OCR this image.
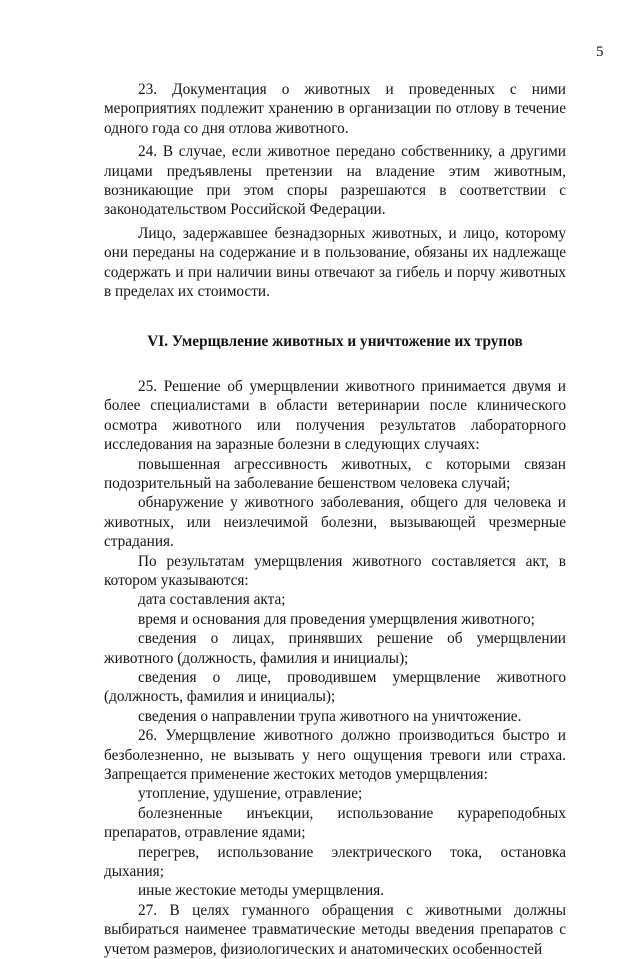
5

23. Документация о животных и проведенных с ними мероприятиях подлежит хранению в организации по отлову в течение одного года со дня отлова животного.

24. В случае, если животное передано собственнику, а другими лицами предъявлены претензии на владение этим животным, возникающие при этом споры разрешаются в соответствии с законодательством Российской Федерации.

Лицо, задержавшее безнадзорных животных, и лицо, которому они переданы на содержание и в пользование, обязаны их надлежаще содержать и при наличии вины отвечают за гибель и порчу животных в пределах их стоимости.

VI. Умерщвление животных и уничтожение их трупов

25. Решение об умерщвлении животного принимается двумя и более специалистами в области ветеринарии после клинического осмотра животного или получения результатов лабораторного исследования на заразные болезни в следующих случаях:

повышенная агрессивность животных, с которыми связан подозрительный на заболевание бешенством человека случай;

обнаружение у животного заболевания, общего для человека и животных, или неизлечимой болезни, вызывающей чрезмерные страдания.

По результатам умерщвления животного составляется акт, в котором указываются:

дата составления акта;

время и основания для проведения умерщвления животного;

сведения о лицах, принявших решение об умерщвлении животного (должность, фамилия и инициалы);

сведения о лице, проводившем умерщвление животного (должность, фамилия и инициалы);

сведения о направлении трупа животного на уничтожение.

26. Умерщвление животного должно производиться быстро и безболезненно, не вызывать у него ощущения тревоги или страха. Запрещается применение жестоких методов умерщвления:

утопление, удушение, отравление;

болезненные инъекции, использование курареподобных препаратов, отравление ядами;

перегрев, использование электрического тока, остановка дыхания;

иные жестокие методы умерщвления.

27. В целях гуманного обращения с животными должны выбираться наименее травматические методы введения препаратов с учетом размеров, физиологических и анатомических особенностей
